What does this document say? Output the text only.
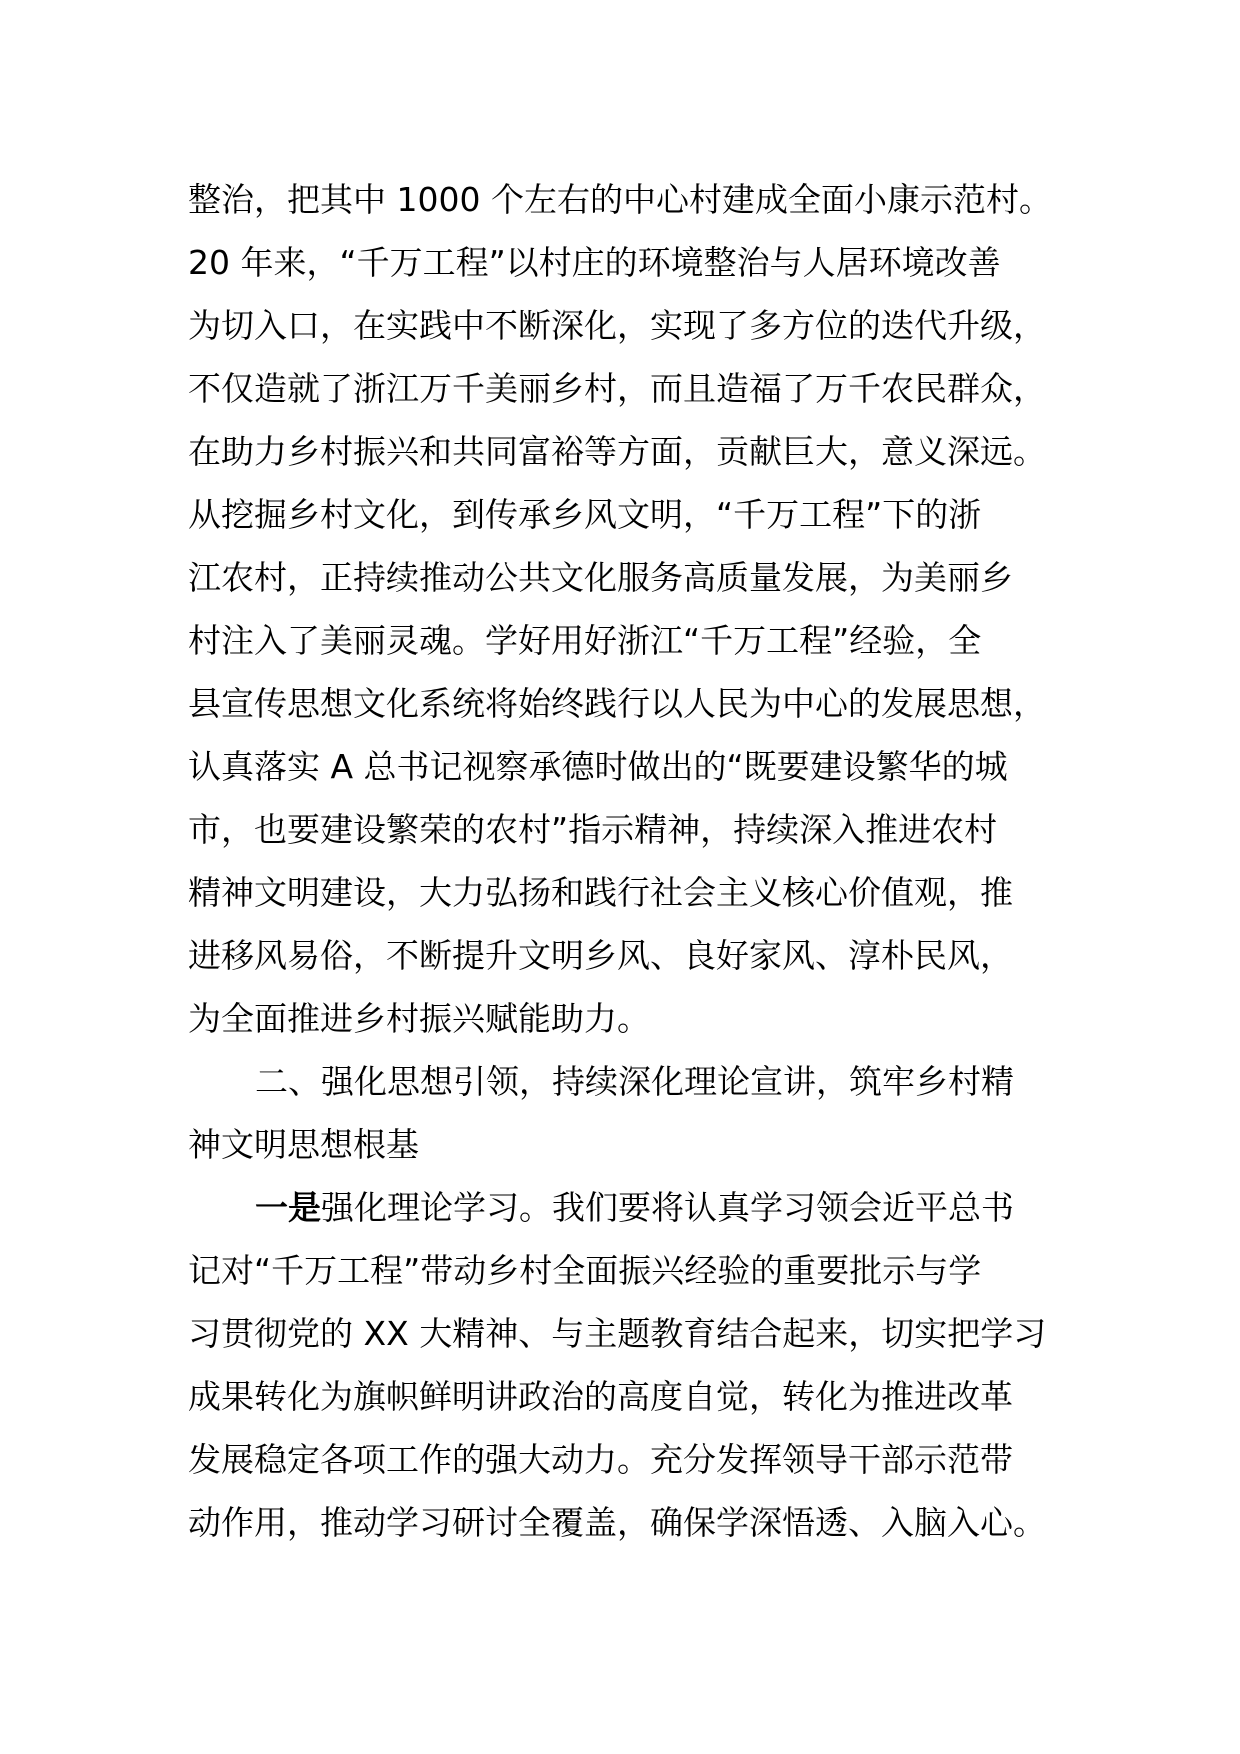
整治，把其中 1000 个左右的中心村建成全面小康示范村。
20 年来，“千万工程”以村庄的环境整治与人居环境改善
为切入口，在实践中不断深化，实现了多方位的迭代升级，
不仅造就了浙江万千美丽乡村，而且造福了万千农民群众，
在助力乡村振兴和共同富裕等方面，贡献巨大，意义深远。
从挖掘乡村文化，到传承乡风文明，“千万工程”下的浙
江农村，正持续推动公共文化服务高质量发展，为美丽乡
村注入了美丽灵魂。学好用好浙江“千万工程”经验，全
县宣传思想文化系统将始终践行以人民为中心的发展思想，
认真落实 A 总书记视察承德时做出的“既要建设繁华的城
市，也要建设繁荣的农村”指示精神，持续深入推进农村
精神文明建设，大力弘扬和践行社会主义核心价值观，推
进移风易俗，不断提升文明乡风、良好家风、淳朴民风，
为全面推进乡村振兴赋能助力。
二、强化思想引领，持续深化理论宣讲，筑牢乡村精
神文明思想根基
一是强化理论学习。我们要将认真学习领会近平总书
记对“千万工程”带动乡村全面振兴经验的重要批示与学
习贯彻党的 XX 大精神、与主题教育结合起来，切实把学习
成果转化为旗帜鲜明讲政治的高度自觉，转化为推进改革
发展稳定各项工作的强大动力。充分发挥领导干部示范带
动作用，推动学习研讨全覆盖，确保学深悟透、入脑入心。
